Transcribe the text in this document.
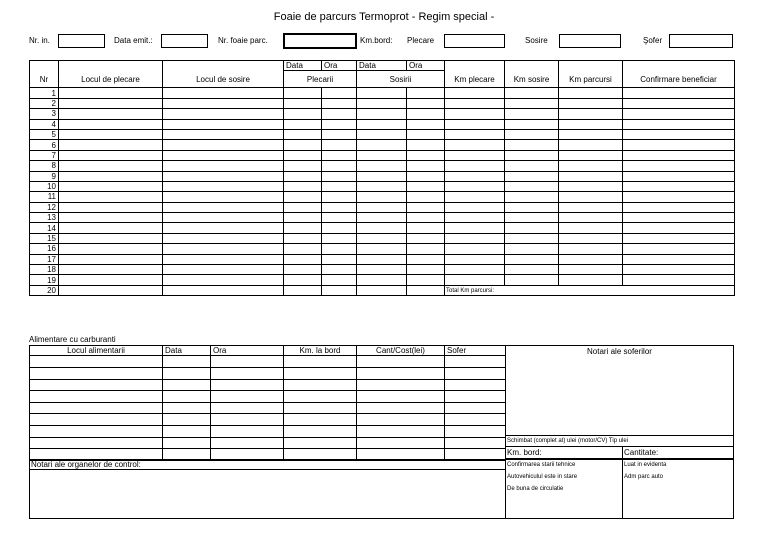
Foaie de parcurs Termoprot - Regim special -
Nr. in.	Data emit.:	Nr. foaie parc.	Km.bord: Plecare	Sosire	Şofer
			Data	Ora	Data	Ora				
Nr	Locul de plecare	Locul de sosire	Plecarii		Sosirii		Km plecare	Km sosire	Km parcursi	Confirmare beneficiar
1										
2										
3										
4										
5										
6										
7										
8										
9										
10										
11										
12										
13										
14										
15										
16										
17										
18										
19										
20							Total Km parcursi:			
Alimentare cu carburanti
Locul alimentarii	Data	Ora	Km. la bord	Cant/Cost(lei)	Sofer

						Notari ale soferilor
Schimbat (complet at) ulei (motor/CV) Tip ulei
Km. bord:	Cantitate:
Notari ale organelor de control:	Confirmarea starii tehnice	Luat in evidenta
Autovehiculul este in stare	Adm parc auto
De buna de circulatie
